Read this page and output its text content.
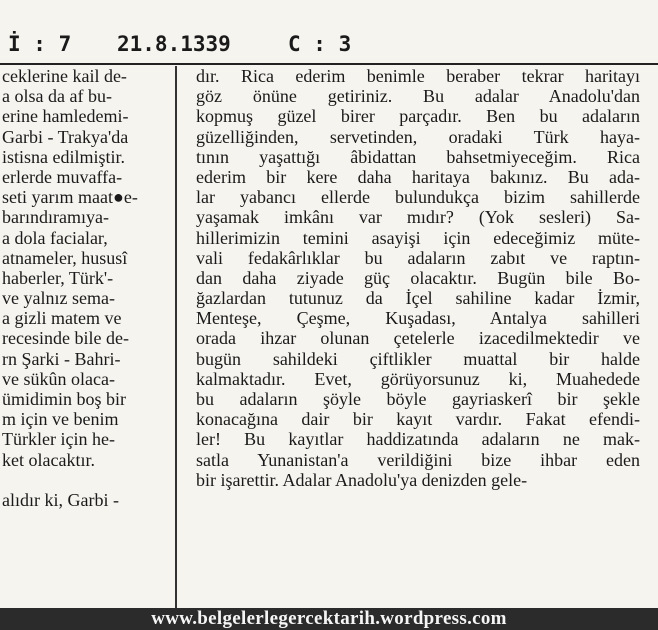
İ : 7 21.8.1339	C : 3
ceklerine kail de-
a olsa da af bu-
erine hamledemi-
Garbi - Trakya'da
istisna edilmiştir.
erlerde muvaffa-
seti yarım maat●e-
barındıramıya-
a dola facialar,
atnameler, hususî
haberler, Türk'-
ve yalnız sema-
a gizli matem ve
recesinde bile de-
rn Şarki - Bahri-
ve sükûn olaca-
ümidimin boş bir
m için ve benim
Türkler için he-
ket olacaktır.

alıdır ki, Garbi -
dır. Rica ederim benimle beraber tekrar haritayı
göz önüne getiriniz. Bu adalar Anadolu'dan
kopmuş güzel birer parçadır. Ben bu adaların
güzelliğinden, servetinden, oradaki Türk haya-
tının yaşattığı âbidattan bahsetmiyeceğim. Rica
ederim bir kere daha haritaya bakınız. Bu ada-
lar yabancı ellerde bulundukça bizim sahillerde
yaşamak imkânı var mıdır? (Yok sesleri) Sa-
hillerimizin temini asayişi için edeceğimiz müte-
vali fedakârlıklar bu adaların zabıt ve raptın-
dan daha ziyade güç olacaktır. Bugün bile Bo-
ğazlardan tutunuz da İçel sahiline kadar İzmir,
Menteşe, Çeşme, Kuşadası, Antalya sahilleri
orada ihzar olunan çetelerle izacedilmektedir ve
bugün sahildeki çiftlikler muattal bir halde
kalmaktadır. Evet, görüyorsunuz ki, Muahedede
bu adaların şöyle böyle gayriaskerî bir şekle
konacağına dair bir kayıt vardır. Fakat efendi-
ler! Bu kayıtlar haddizatında adaların ne mak-
satla Yunanistan'a verildiğini bize ihbar eden
bir işarettir. Adalar Anadolu'ya denizden gele-
www.belgelerlegercektarih.wordpress.com
